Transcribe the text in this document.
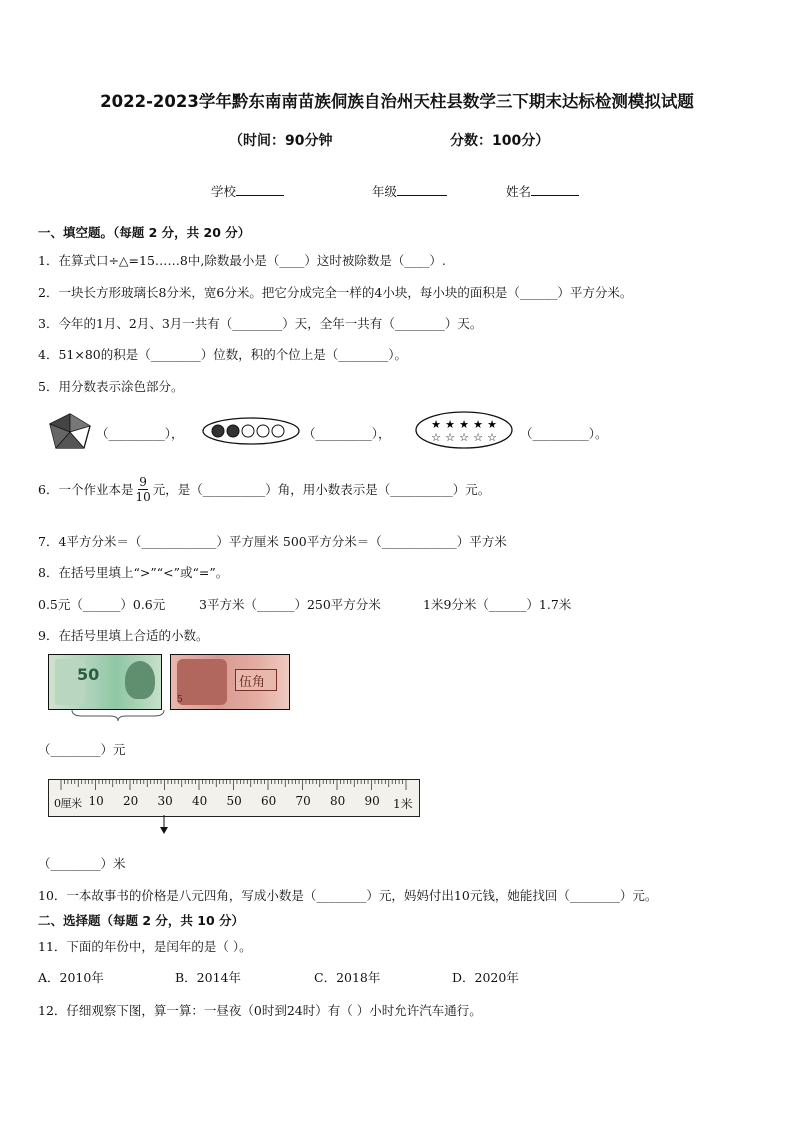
2022-2023学年黔东南南苗族侗族自治州天柱县数学三下期末达标检测模拟试题
（时间：90分钟	分数：100分）
学校	年级	姓名
一、填空题。（每题 2 分，共 20 分）
1．在算式口÷△=15……8中,除数最小是（____）这时被除数是（____）.
2．一块长方形玻璃长8分米，宽6分米。把它分成完全一样的4小块，每小块的面积是（______）平方分米。
3．今年的1月、2月、3月一共有（________）天，全年一共有（________）天。
4．51×80的积是（________）位数，积的个位上是（________）。
5．用分数表示涂色部分。
（_________），	（_________），
★ ★ ★ ★ ★
☆ ☆ ☆ ☆ ☆ （_________）。
6．一个作业本是 $\frac{9}{10}$ 元，是（__________）角，用小数表示是（__________）元。
7．4平方分米＝（____________）平方厘米 500平方分米＝（____________）平方米
8．在括号里填上“>”“<”或“=”。
0.5元（______）0.6元	3平方米（______）250平方分米	1米9分米（______）1.7米
9．在括号里填上合适的小数。
50	伍角
5
（________）元
0厘米 10 20 30 40 50 60 70 80 90 1米
（________）米
10．一本故事书的价格是八元四角，写成小数是（________）元，妈妈付出10元钱，她能找回（________）元。
二、选择题（每题 2 分，共 10 分）
11．下面的年份中，是闰年的是（ ）。
A．2010年	B．2014年	C．2018年	D．2020年
12．仔细观察下图，算一算：一昼夜（0时到24时）有（ ）小时允许汽车通行。
